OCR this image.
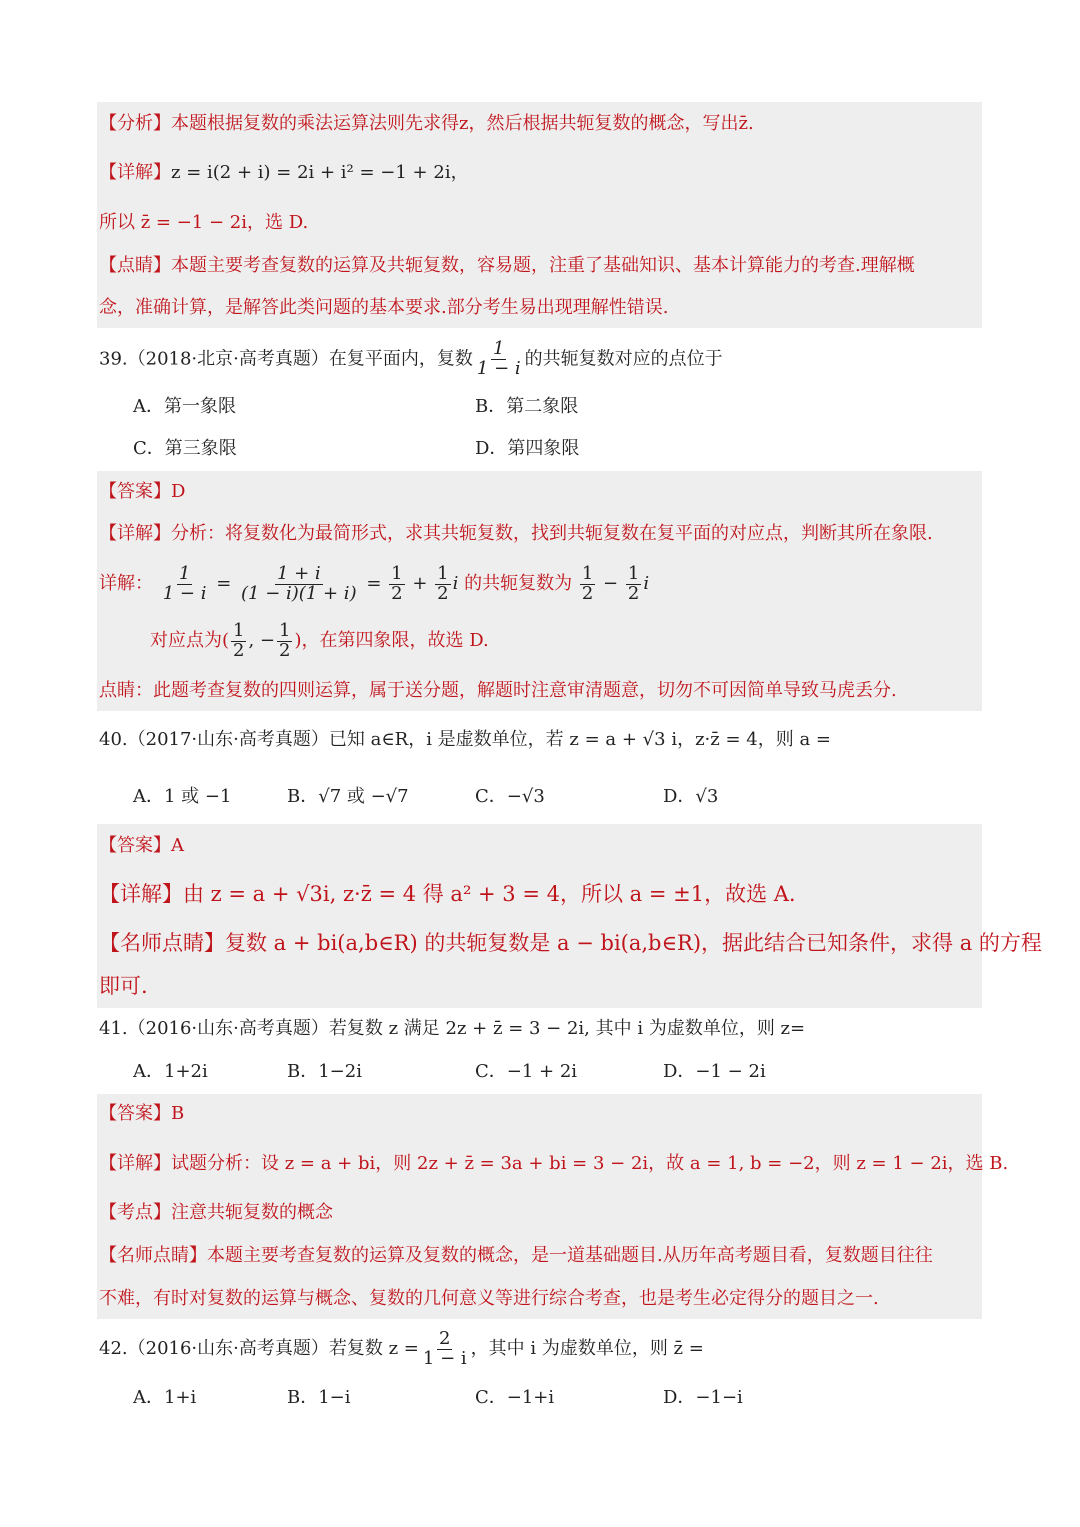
【分析】本题根据复数的乘法运算法则先求得z，然后根据共轭复数的概念，写出z̄.
【详解】z = i(2 + i) = 2i + i² = −1 + 2i，
所以 z̄ = −1 − 2i，选 D.
【点睛】本题主要考查复数的运算及共轭复数，容易题，注重了基础知识、基本计算能力的考查.理解概
念，准确计算，是解答此类问题的基本要求.部分考生易出现理解性错误.
39.（2018·北京·高考真题）在复平面内，复数 $\frac{1}{1 - i}$ 的共轭复数对应的点位于
A．第一象限	B．第二象限
C．第三象限	D．第四象限
【答案】D
【详解】分析：将复数化为最简形式，求其共轭复数，找到共轭复数在复平面的对应点，判断其所在象限.
详解： $\frac{1}{1 - i} = \frac{1 + i}{(1 - i)(1 + i)} = \frac{1}{2} + \frac{1}{2}$ i 的共轭复数为 $\frac{1}{2} - \frac{1}{2}$ i
对应点为( $\frac{1}{2}$ , − $\frac{1}{2}$ )，在第四象限，故选 D.
点睛：此题考查复数的四则运算，属于送分题，解题时注意审清题意，切勿不可因简单导致马虎丢分.
40.（2017·山东·高考真题）已知 a∈R，i 是虚数单位，若 z = a + √3 i，z·z̄ = 4，则 a =
A．1 或 −1	B．√7 或 −√7	C．−√3	D．√3
【答案】A
【详解】由 z = a + √3i, z·z̄ = 4 得 a² + 3 = 4，所以 a = ±1，故选 A.
【名师点睛】复数 a + bi(a,b∈R) 的共轭复数是 a − bi(a,b∈R)，据此结合已知条件，求得 a 的方程
即可.
41.（2016·山东·高考真题）若复数 z 满足 2z + z̄ = 3 − 2i, 其中 i 为虚数单位，则 z=
A．1+2i	B．1−2i	C．−1 + 2i	D．−1 − 2i
【答案】B
【详解】试题分析：设 z = a + bi，则 2z + z̄ = 3a + bi = 3 − 2i，故 a = 1, b = −2，则 z = 1 − 2i，选 B.
【考点】注意共轭复数的概念
【名师点睛】本题主要考查复数的运算及复数的概念，是一道基础题目.从历年高考题目看，复数题目往往
不难，有时对复数的运算与概念、复数的几何意义等进行综合考查，也是考生必定得分的题目之一.
42.（2016·山东·高考真题）若复数 $z = \frac{2}{1 - i}$ ，其中 i 为虚数单位，则 z̄ =
A．1+i	B．1−i	C．−1+i	D．−1−i
